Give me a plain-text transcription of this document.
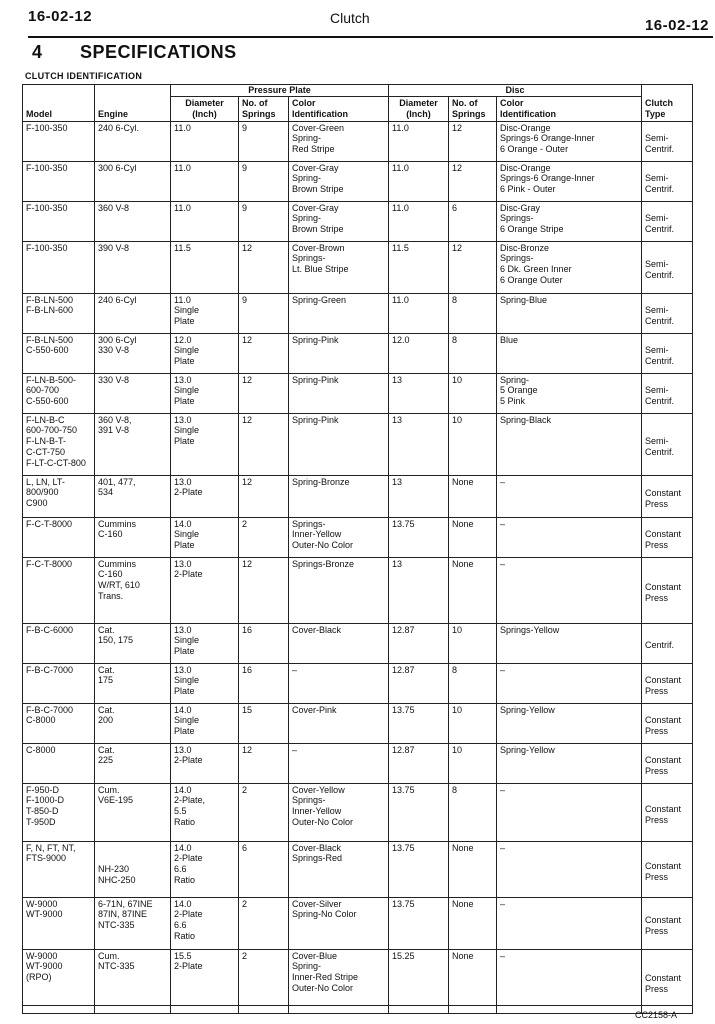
16-02-12	Clutch	16-02-12
4 SPECIFICATIONS
CLUTCH IDENTIFICATION
Model	Engine	Pressure Plate			Disc			Clutch
Type
		Diameter
(Inch)	No. of
Springs	Color
Identification	Diameter
(Inch)	No. of
Springs	Color
Identification	
F-100-350	240 6-Cyl.	11.0	9	Cover-Green
Spring-
Red Stripe	11.0	12	Disc-Orange
Springs-6 Orange-Inner
6 Orange - Outer	Semi-
Centrif.
F-100-350	300 6-Cyl	11.0	9	Cover-Gray
Spring-
Brown Stripe	11.0	12	Disc-Orange
Springs-6 Orange-Inner
6 Pink - Outer	Semi-
Centrif.
F-100-350	360 V-8	11.0	9	Cover-Gray
Spring-
Brown Stripe	11.0	6	Disc-Gray
Springs-
6 Orange Stripe	Semi-
Centrif.
F-100-350	390 V-8	11.5	12	Cover-Brown
Springs-
Lt. Blue Stripe	11.5	12	Disc-Bronze
Springs-
6 Dk. Green Inner
6 Orange Outer	Semi-
Centrif.
F-B-LN-500
F-B-LN-600	240 6-Cyl	11.0
Single
Plate	9	Spring-Green	11.0	8	Spring-Blue	Semi-
Centrif.
F-B-LN-500
C-550-600	300 6-Cyl
330 V-8	12.0
Single
Plate	12	Spring-Pink	12.0	8	Blue	Semi-
Centrif.
F-LN-B-500-
600-700
C-550-600	330 V-8	13.0
Single
Plate	12	Spring-Pink	13	10	Spring-
5 Orange
5 Pink	Semi-
Centrif.
F-LN-B-C
600-700-750
F-LN-B-T-
C-CT-750
F-LT-C-CT-800	360 V-8,
391 V-8	13.0
Single
Plate	12	Spring-Pink	13	10	Spring-Black	Semi-
Centrif.
L, LN, LT-
800/900
C900	401, 477,
534	13.0
2-Plate	12	Spring-Bronze	13	None	–	Constant
Press
F-C-T-8000	Cummins
C-160	14.0
Single
Plate	2	Springs-
Inner-Yellow
Outer-No Color	13.75	None	–	Constant
Press
F-C-T-8000	Cummins
C-160
W/RT, 610
Trans.	13.0
2-Plate	12	Springs-Bronze	13	None	–	Constant
Press
F-B-C-6000	Cat.
150, 175	13.0
Single
Plate	16	Cover-Black	12.87	10	Springs-Yellow	Centrif.
F-B-C-7000	Cat.
175	13.0
Single
Plate	16	–	12.87	8	–	Constant
Press
F-B-C-7000
C-8000	Cat.
200	14.0
Single
Plate	15	Cover-Pink	13.75	10	Spring-Yellow	Constant
Press
C-8000	Cat.
225	13.0
2-Plate	12	–	12.87	10	Spring-Yellow	Constant
Press
F-950-D
F-1000-D
T-850-D
T-950D	Cum.
V6E-195	14.0
2-Plate,
5.5
Ratio	2	Cover-Yellow
Springs-
Inner-Yellow
Outer-No Color	13.75	8	–	Constant
Press
F, N, FT, NT,
FTS-9000	

NH-230
NHC-250	14.0
2-Plate
6.6
Ratio	6	Cover-Black
Springs-Red	13.75	None	–	Constant
Press
W-9000
WT-9000	6-71N, 67INE
87IN, 87INE
NTC-335	14.0
2-Plate
6.6
Ratio	2	Cover-Silver
Spring-No Color	13.75	None	–	Constant
Press
W-9000
WT-9000
(RPO)	Cum.
NTC-335	15.5
2-Plate	2	Cover-Blue
Spring-
Inner-Red Stripe
Outer-No Color	15.25	None	–	Constant
Press
CC2158-A
